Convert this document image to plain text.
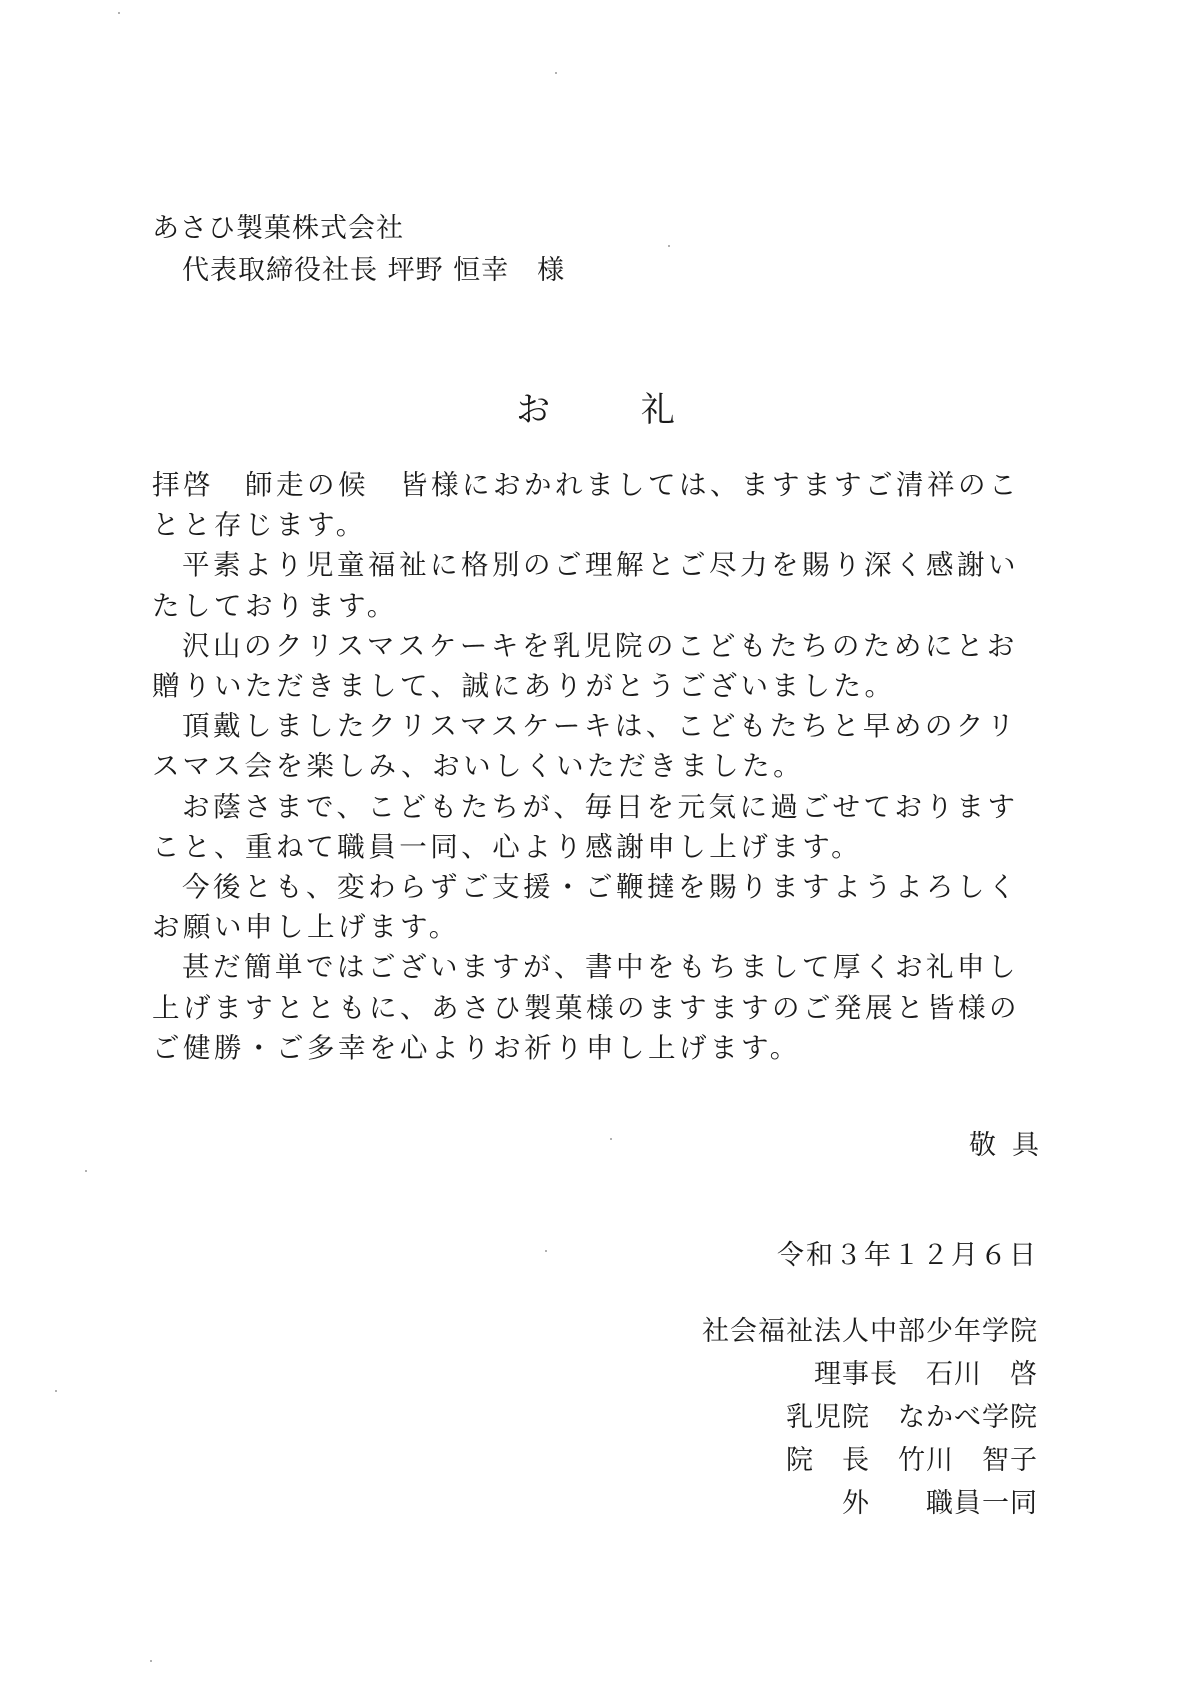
あさひ製菓株式会社
代表取締役社長 坪野 恒幸 様
お 礼

拝啓　師走の候　皆様におかれましては、ますますご清祥のことと存じます。

平素より児童福祉に格別のご理解とご尽力を賜り深く感謝いたしております。

沢山のクリスマスケーキを乳児院のこどもたちのためにとお贈りいただきまして、誠にありがとうございました。

頂戴しましたクリスマスケーキは、こどもたちと早めのクリスマス会を楽しみ、おいしくいただきました。

お蔭さまで、こどもたちが、毎日を元気に過ごせておりますこと、重ねて職員一同、心より感謝申し上げます。

今後とも、変わらずご支援・ご鞭撻を賜りますようよろしくお願い申し上げます。

甚だ簡単ではございますが、書中をもちまして厚くお礼申し上げますとともに、あさひ製菓様のますますのご発展と皆様のご健勝・ご多幸を心よりお祈り申し上げます。

敬具
令和３年１２月６日
社会福祉法人中部少年学院
理事長　石川　啓
乳児院　なかべ学院
院　長　竹川　智子
外　　職員一同
